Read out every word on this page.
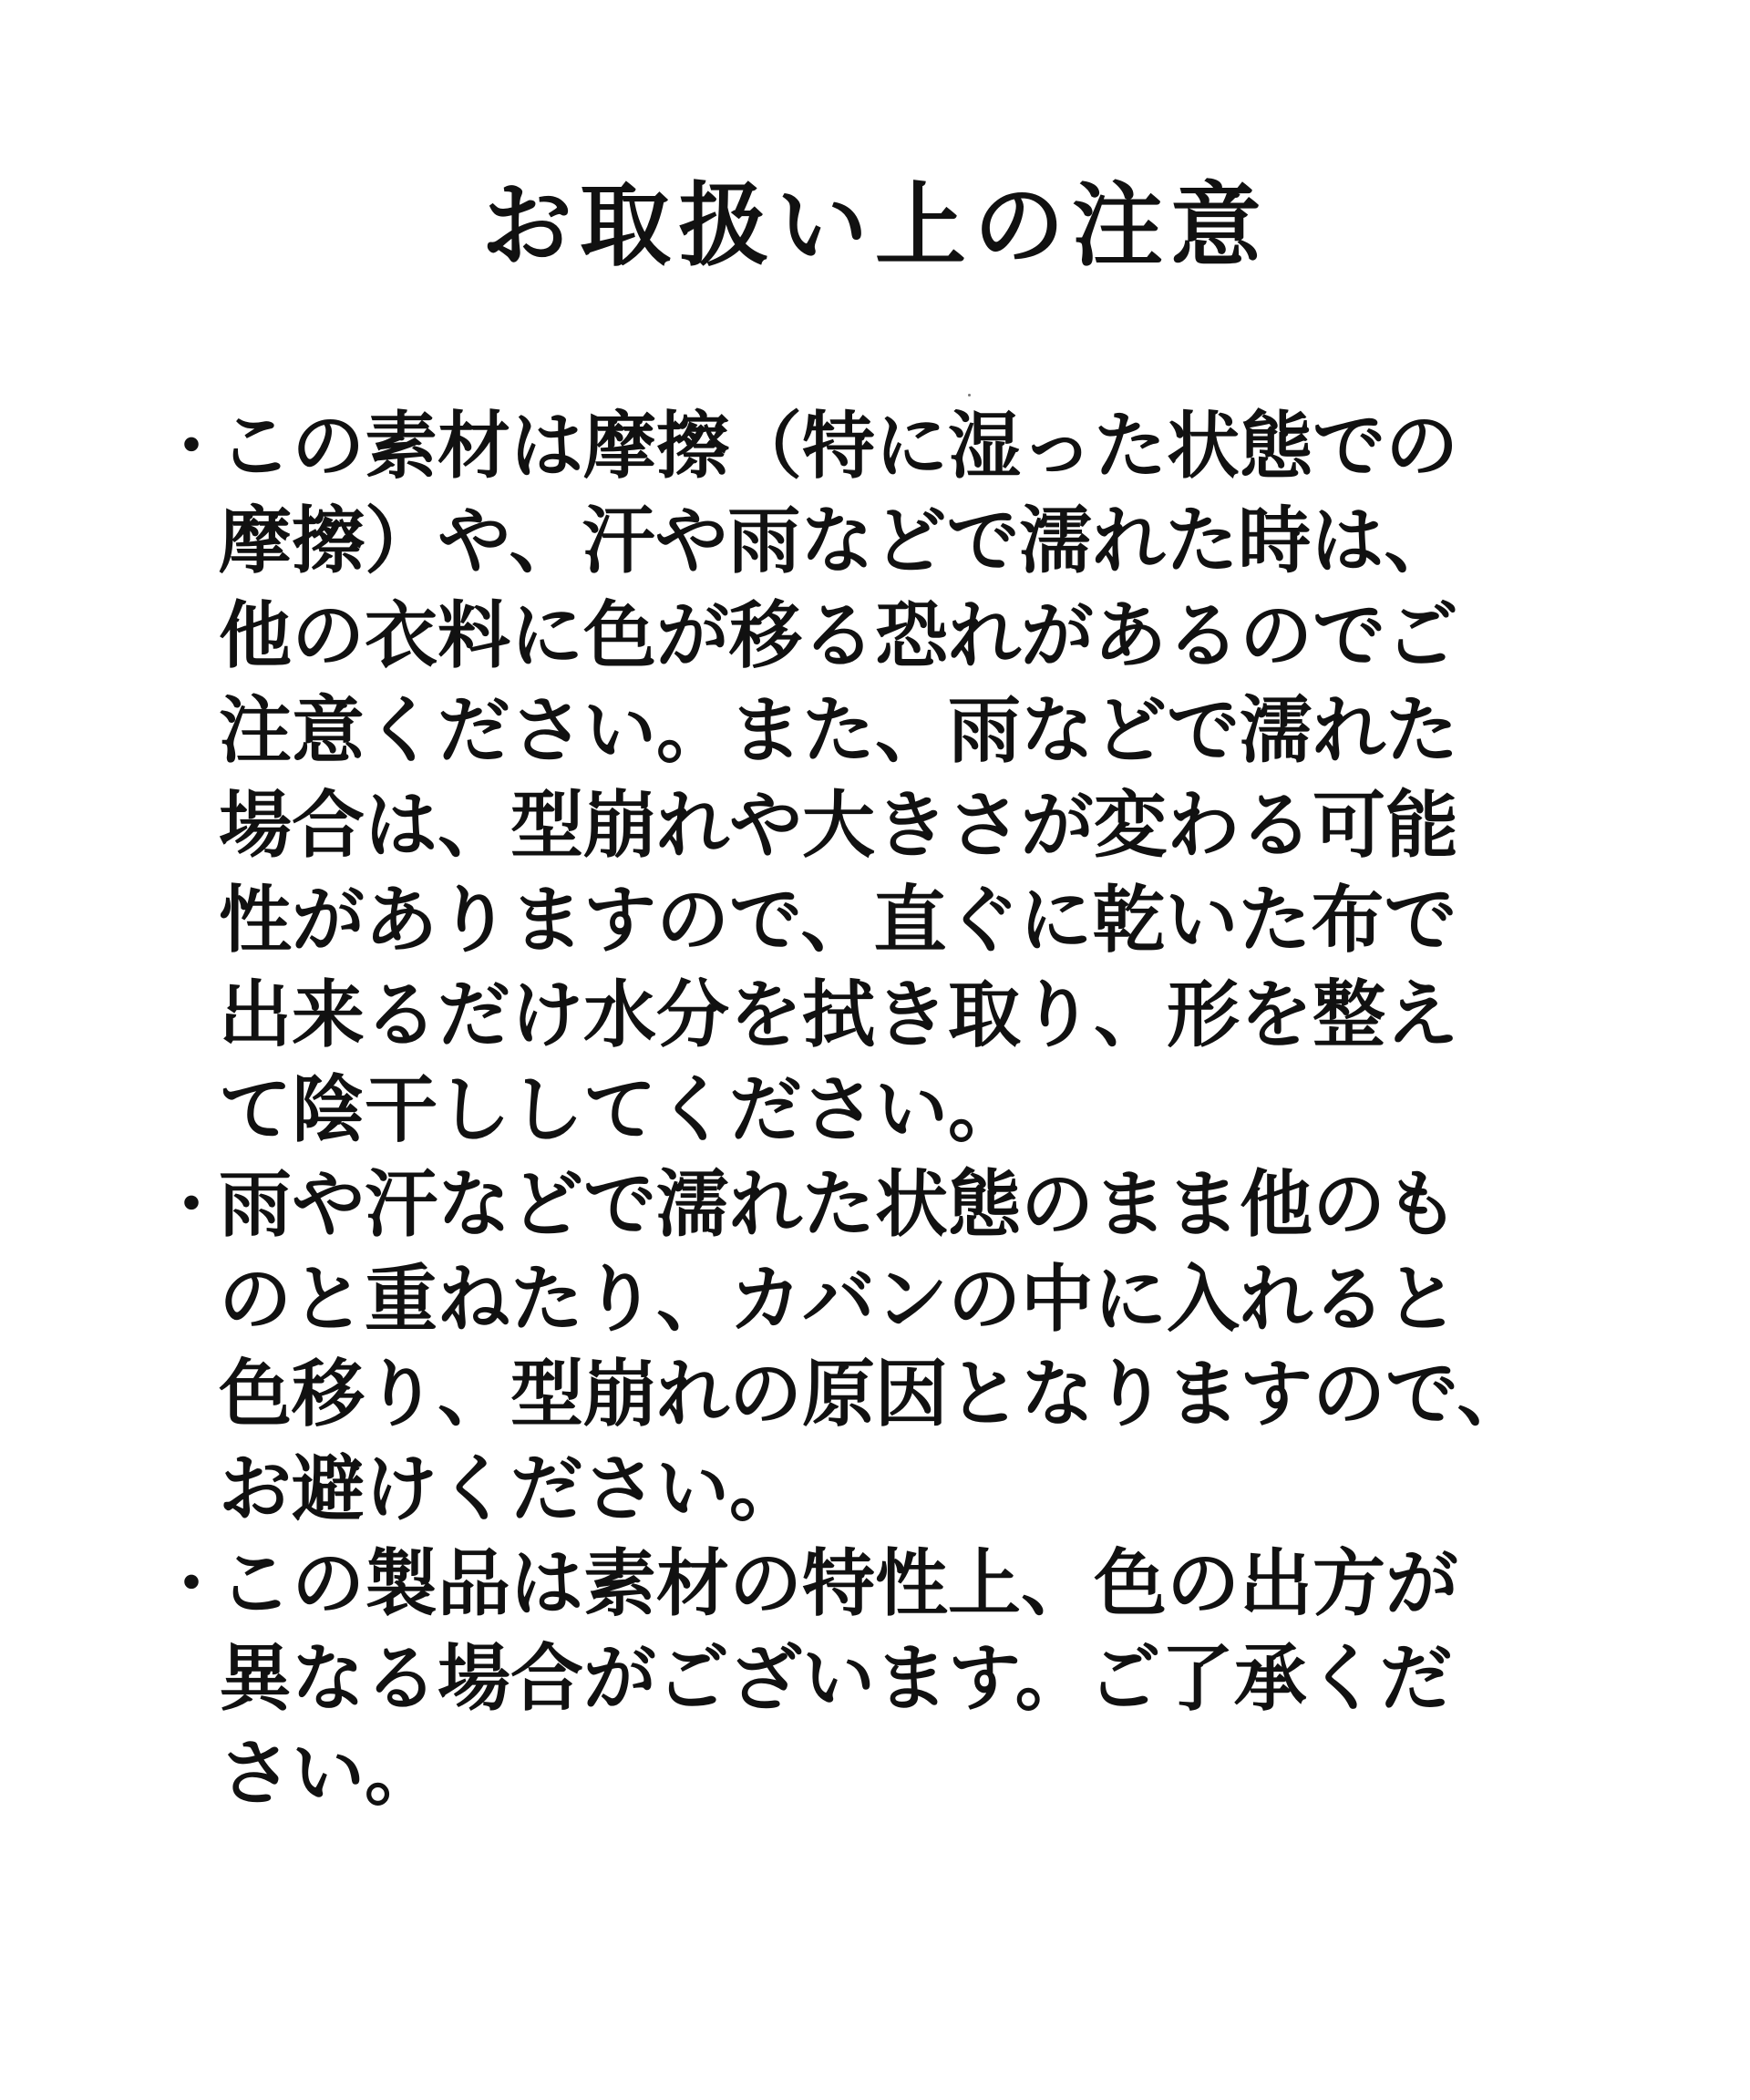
お取扱い上の注意
・
この素材は摩擦（特に湿った状態での
摩擦）や、汗や雨などで濡れた時は、
他の衣料に色が移る恐れがあるのでご
注意ください。また、雨などで濡れた
場合は、型崩れや大きさが変わる可能
性がありますので、直ぐに乾いた布で
出来るだけ水分を拭き取り、形を整え
て陰干ししてください。
・
雨や汗などで濡れた状態のまま他のも
のと重ねたり、カバンの中に入れると
色移り、型崩れの原因となりますので、
お避けください。
・
この製品は素材の特性上、色の出方が
異なる場合がございます。ご了承くだ
さい。
